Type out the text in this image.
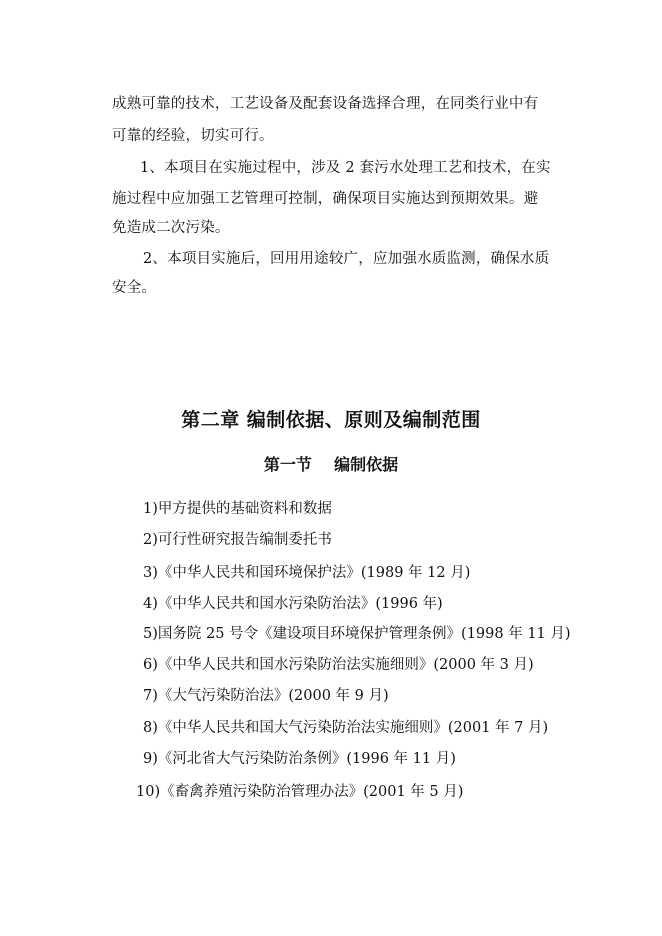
成熟可靠的技术，工艺设备及配套设备选择合理，在同类行业中有
可靠的经验，切实可行。
1、本项目在实施过程中，涉及 2 套污水处理工艺和技术，在实
施过程中应加强工艺管理可控制，确保项目实施达到预期效果。避
免造成二次污染。
2、本项目实施后，回用用途较广，应加强水质监测，确保水质
安全。
第二章 编制依据、原则及编制范围
第一节    编制依据
1)甲方提供的基础资料和数据
2)可行性研究报告编制委托书
3)《中华人民共和国环境保护法》(1989 年 12 月)
4)《中华人民共和国水污染防治法》(1996 年)
5)国务院 25 号令《建设项目环境保护管理条例》(1998 年 11 月)
6)《中华人民共和国水污染防治法实施细则》(2000 年 3 月)
7)《大气污染防治法》(2000 年 9 月)
8)《中华人民共和国大气污染防治法实施细则》(2001 年 7 月)
9)《河北省大气污染防治条例》(1996 年 11 月)
10)《畜禽养殖污染防治管理办法》(2001 年 5 月)
